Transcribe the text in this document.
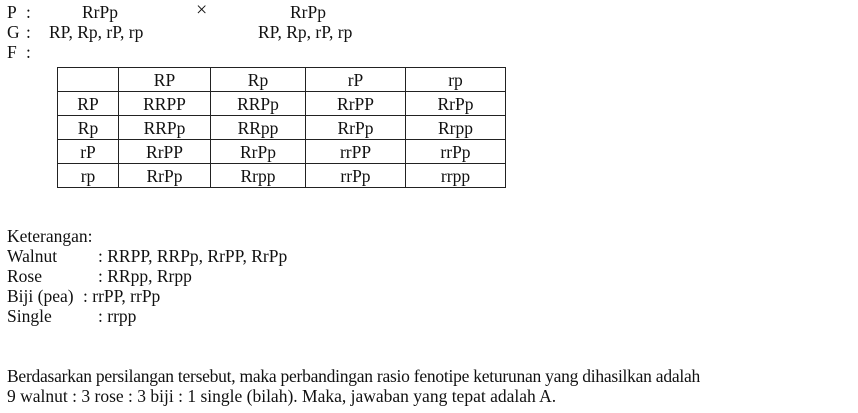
P :	RrPp	×	RrPp
G : RP, Rp, rP, rp	RP, Rp, rP, rp
F :
	RP	Rp	rP	rp
RP	RRPP	RRPp	RrPP	RrPp
Rp	RRPp	RRpp	RrPp	Rrpp
rP	RrPP	RrPp	rrPP	rrPp
rp	RrPp	Rrpp	rrPp	rrpp
Keterangan:
Walnut : RRPP, RRPp, RrPP, RrPp
Rose	: RRpp, Rrpp
Biji (pea) : rrPP, rrPp
Single	: rrpp
Berdasarkan persilangan tersebut, maka perbandingan rasio fenotipe keturunan yang dihasilkan adalah
9 walnut : 3 rose : 3 biji : 1 single (bilah). Maka, jawaban yang tepat adalah A.
